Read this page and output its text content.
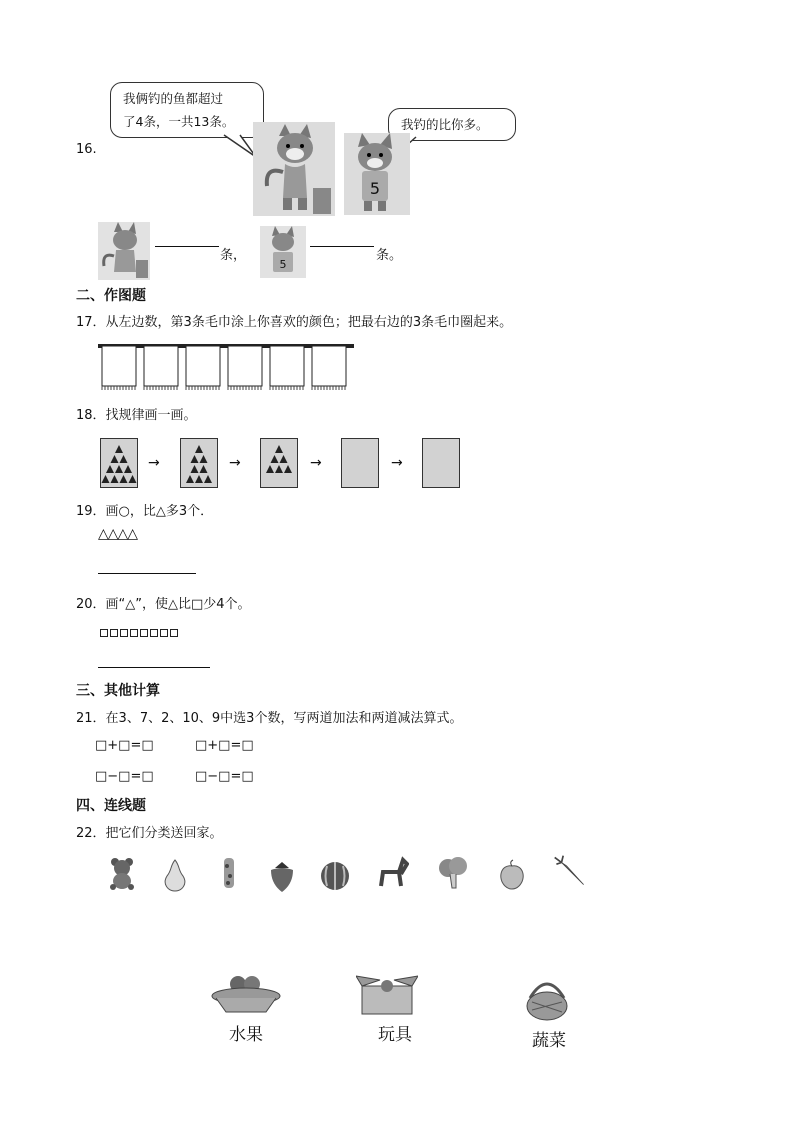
16.
我俩钓的鱼都超过
了4条，一共13条。	我钓的比你多。
5
条，
5
条。
二、作图题
17．从左边数，第3条毛巾涂上你喜欢的颜色；把最右边的3条毛巾圈起来。
18．找规律画一画。
→	→	→	→
19．画○，比△多3个．
△△△△
20．画“△”，使△比□少4个。
三、其他计算
21．在3、7、2、10、9中选3个数，写两道加法和两道减法算式。
□+□=□	□+□=□
□−□=□	□−□=□
四、连线题
22．把它们分类送回家。
水果	玩具	蔬菜
